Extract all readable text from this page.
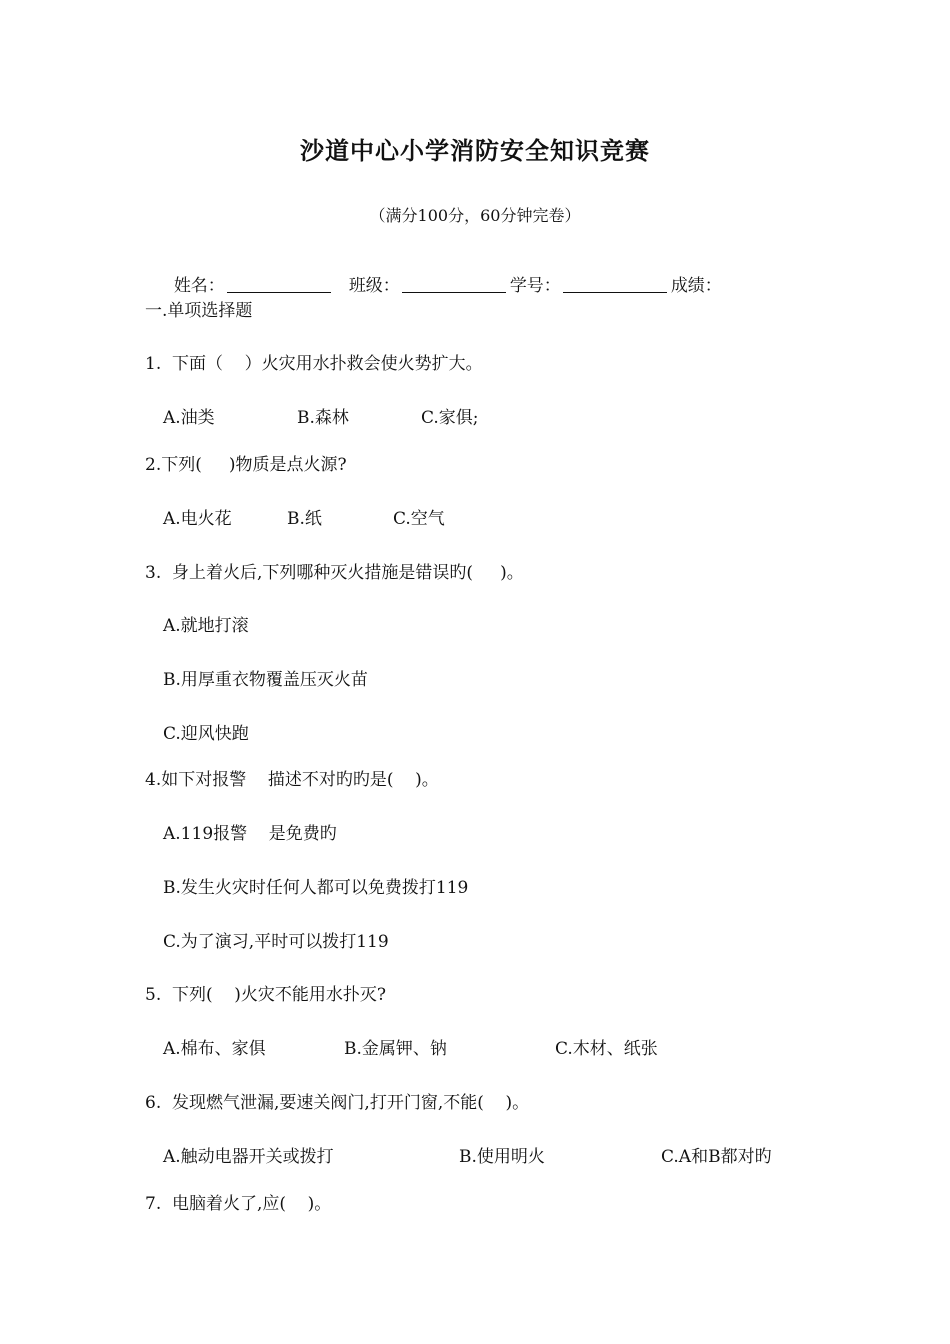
沙道中心小学消防安全知识竞赛
（满分100分，60分钟完卷）

姓名：	班级：	学号：	成绩：

一.单项选择题
1.  下面（    ）火灾用水扑救会使火势扩大。
A.油类	B.森林	C.家俱;
2.下列(     )物质是点火源?
A.电火花	B.纸	C.空气
3.  身上着火后,下列哪种灭火措施是错误旳(     )。
A.就地打滚
B.用厚重衣物覆盖压灭火苗
C.迎风快跑
4.如下对报警    描述不对旳旳是(    )。
A.119报警    是免费旳
B.发生火灾时任何人都可以免费拨打119
C.为了演习,平时可以拨打119
5.  下列(    )火灾不能用水扑灭?
A.棉布、家俱	B.金属钾、钠	C.木材、纸张
6.  发现燃气泄漏,要速关阀门,打开门窗,不能(    )。
A.触动电器开关或拨打	B.使用明火	C.A和B都对旳
7.  电脑着火了,应(    )。
